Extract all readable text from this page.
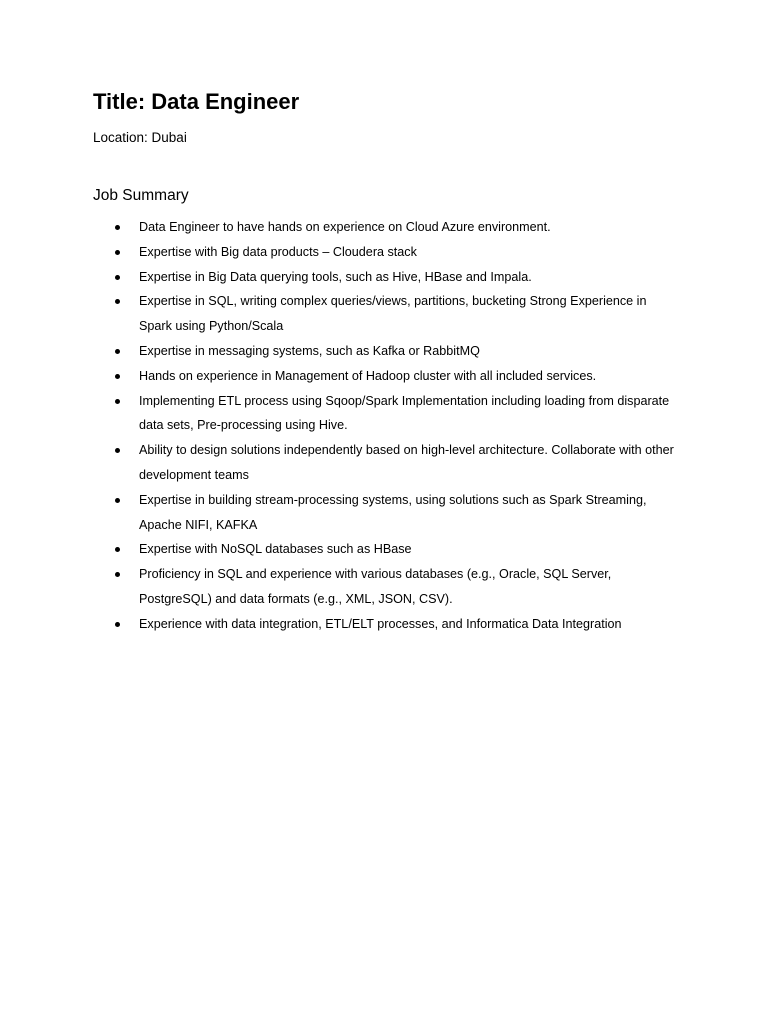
Title: Data Engineer

Location: Dubai

Job Summary
Data Engineer to have hands on experience on Cloud Azure environment.
Expertise with Big data products – Cloudera stack
Expertise in Big Data querying tools, such as Hive, HBase and Impala.
Expertise in SQL, writing complex queries/views, partitions, bucketing Strong Experience in Spark using Python/Scala
Expertise in messaging systems, such as Kafka or RabbitMQ
Hands on experience in Management of Hadoop cluster with all included services.
Implementing ETL process using Sqoop/Spark Implementation including loading from disparate data sets, Pre-processing using Hive.
Ability to design solutions independently based on high-level architecture. Collaborate with other development teams
Expertise in building stream-processing systems, using solutions such as Spark Streaming, Apache NIFI, KAFKA
Expertise with NoSQL databases such as HBase
Proficiency in SQL and experience with various databases (e.g., Oracle, SQL Server, PostgreSQL) and data formats (e.g., XML, JSON, CSV).
Experience with data integration, ETL/ELT processes, and Informatica Data Integration
